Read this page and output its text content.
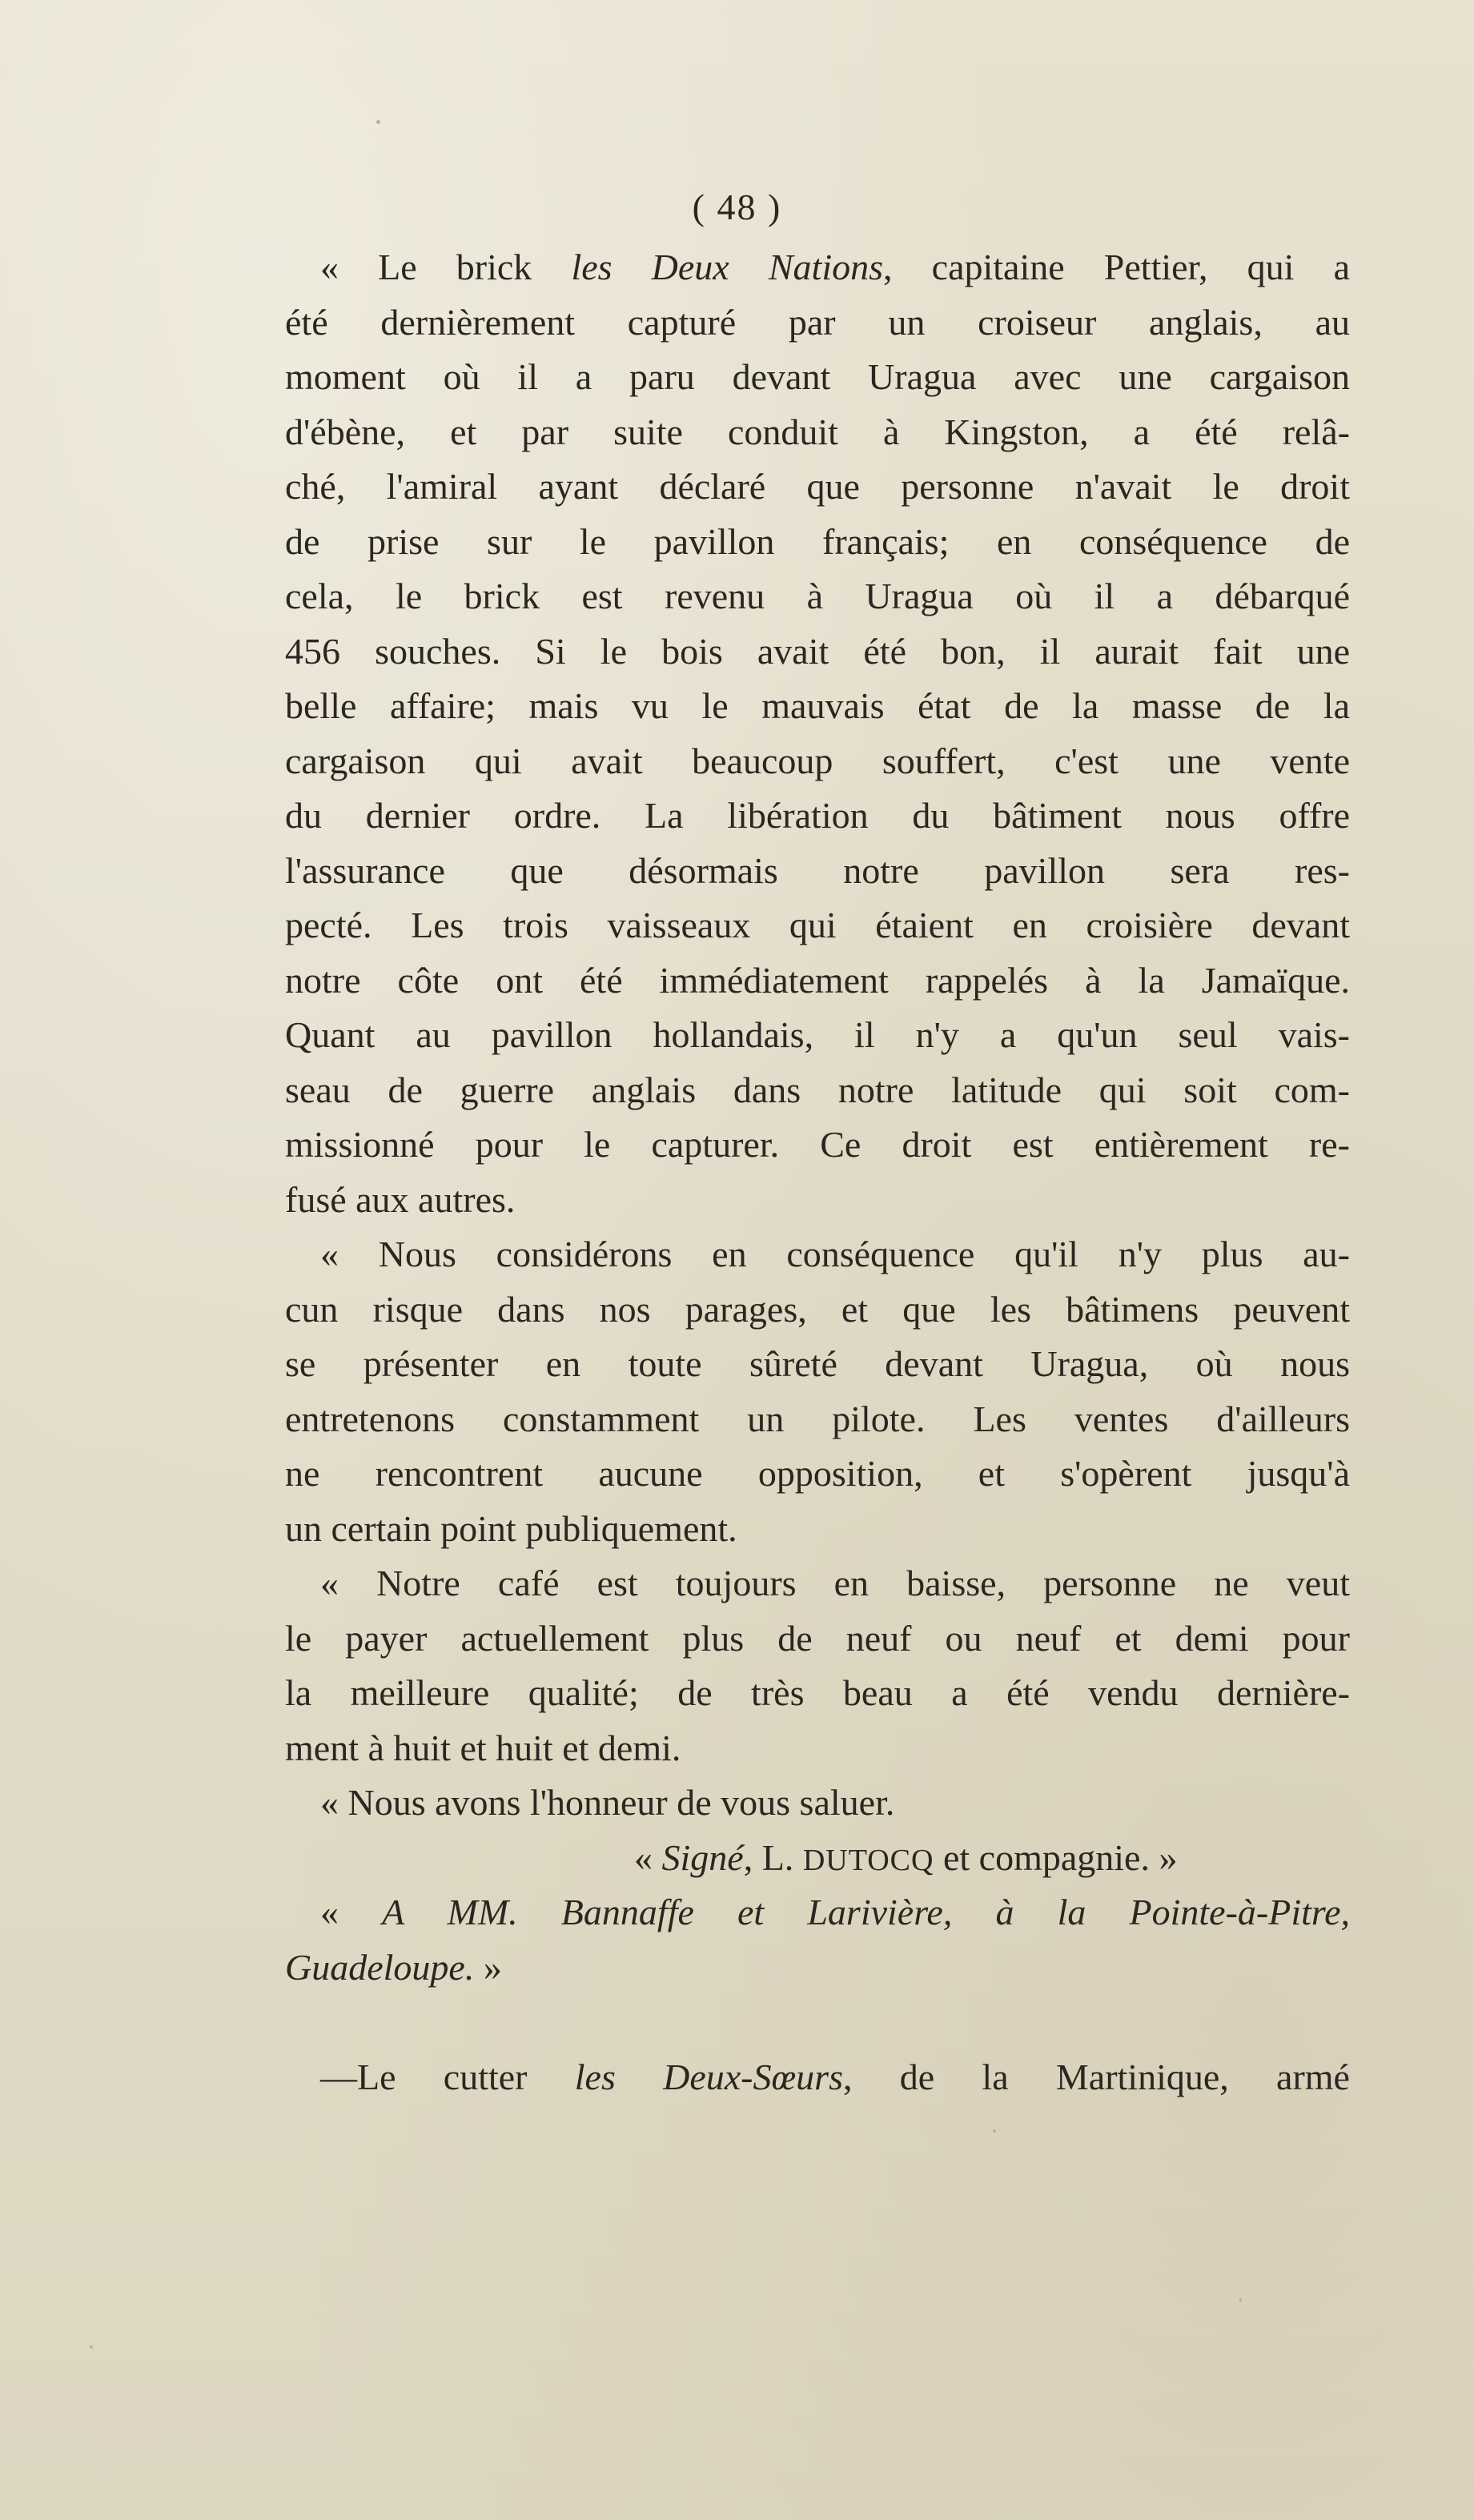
( 48 )
« Le brick les Deux Nations, capitaine Pettier, qui a
été dernièrement capturé par un croiseur anglais, au
moment où il a paru devant Uragua avec une cargaison
d'ébène, et par suite conduit à Kingston, a été relâ-
ché, l'amiral ayant déclaré que personne n'avait le droit
de prise sur le pavillon français; en conséquence de
cela, le brick est revenu à Uragua où il a débarqué
456 souches. Si le bois avait été bon, il aurait fait une
belle affaire; mais vu le mauvais état de la masse de la
cargaison qui avait beaucoup souffert, c'est une vente
du dernier ordre. La libération du bâtiment nous offre
l'assurance que désormais notre pavillon sera res-
pecté. Les trois vaisseaux qui étaient en croisière devant
notre côte ont été immédiatement rappelés à la Jamaïque.
Quant au pavillon hollandais, il n'y a qu'un seul vais-
seau de guerre anglais dans notre latitude qui soit com-
missionné pour le capturer. Ce droit est entièrement re-
fusé aux autres.
« Nous considérons en conséquence qu'il n'y plus au-
cun risque dans nos parages, et que les bâtimens peuvent
se présenter en toute sûreté devant Uragua, où nous
entretenons constamment un pilote. Les ventes d'ailleurs
ne rencontrent aucune opposition, et s'opèrent jusqu'à
un certain point publiquement.
« Notre café est toujours en baisse, personne ne veut
le payer actuellement plus de neuf ou neuf et demi pour
la meilleure qualité; de très beau a été vendu dernière-
ment à huit et huit et demi.
« Nous avons l'honneur de vous saluer.
« Signé, L. DUTOCQ et compagnie. »
« A MM. Bannaffe et Larivière, à la Pointe-à-Pitre,
Guadeloupe. »
—Le cutter les Deux-Sœurs, de la Martinique, armé
